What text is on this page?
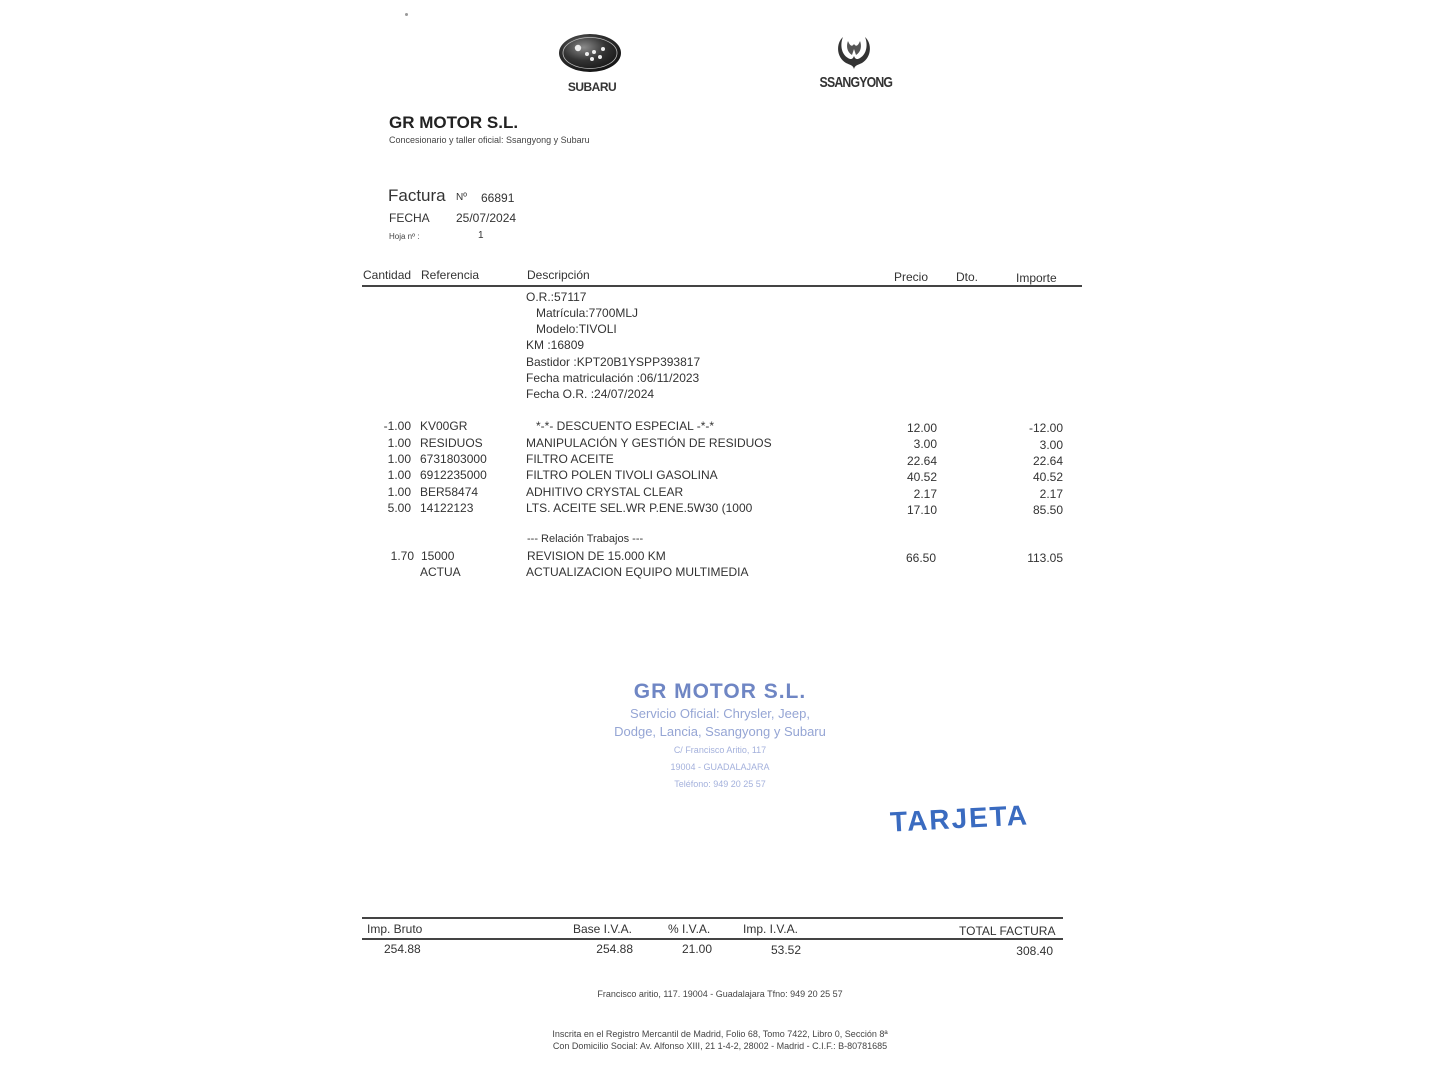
SUBARU	SSANGYONG
GR MOTOR S.L.
Concesionario y taller oficial: Ssangyong y Subaru
Factura Nº 66891
FECHA 25/07/2024
Hoja nº :	1
Cantidad Referencia	Descripción	Precio Dto.	Importe
O.R.:57117
Matrícula:7700MLJ
Modelo:TIVOLI
KM :16809
Bastidor :KPT20B1YSPP393817
Fecha matriculación :06/11/2023
Fecha O.R. :24/07/2024
-1.00 KV00GR	*-*- DESCUENTO ESPECIAL -*-*	12.00	-12.00
1.00 RESIDUOS	MANIPULACIÓN Y GESTIÓN DE RESIDUOS	3.00	3.00
1.00 6731803000	FILTRO ACEITE	22.64	22.64
1.00 6912235000	FILTRO POLEN TIVOLI GASOLINA	40.52	40.52
1.00 BER58474	ADHITIVO CRYSTAL CLEAR	2.17	2.17
5.00 14122123	LTS. ACEITE SEL.WR P.ENE.5W30 (1000	17.10	85.50
--- Relación Trabajos ---
1.70 15000	REVISION DE 15.000 KM	66.50	113.05
ACTUA	ACTUALIZACION EQUIPO MULTIMEDIA
GR MOTOR S.L.
Servicio Oficial: Chrysler, Jeep,
Dodge, Lancia, Ssangyong y Subaru
C/ Francisco Aritio, 117
19004 - GUADALAJARA
Teléfono: 949 20 25 57
TARJETA
Imp. Bruto	Base I.V.A.	% I.V.A.	Imp. I.V.A.	TOTAL FACTURA
254.88	254.88	21.00	53.52	308.40
Francisco aritio, 117. 19004 - Guadalajara Tfno: 949 20 25 57
Inscrita en el Registro Mercantil de Madrid, Folio 68, Tomo 7422, Libro 0, Sección 8ª
Con Domicilio Social: Av. Alfonso XIII, 21 1-4-2, 28002 - Madrid - C.I.F.: B-80781685
